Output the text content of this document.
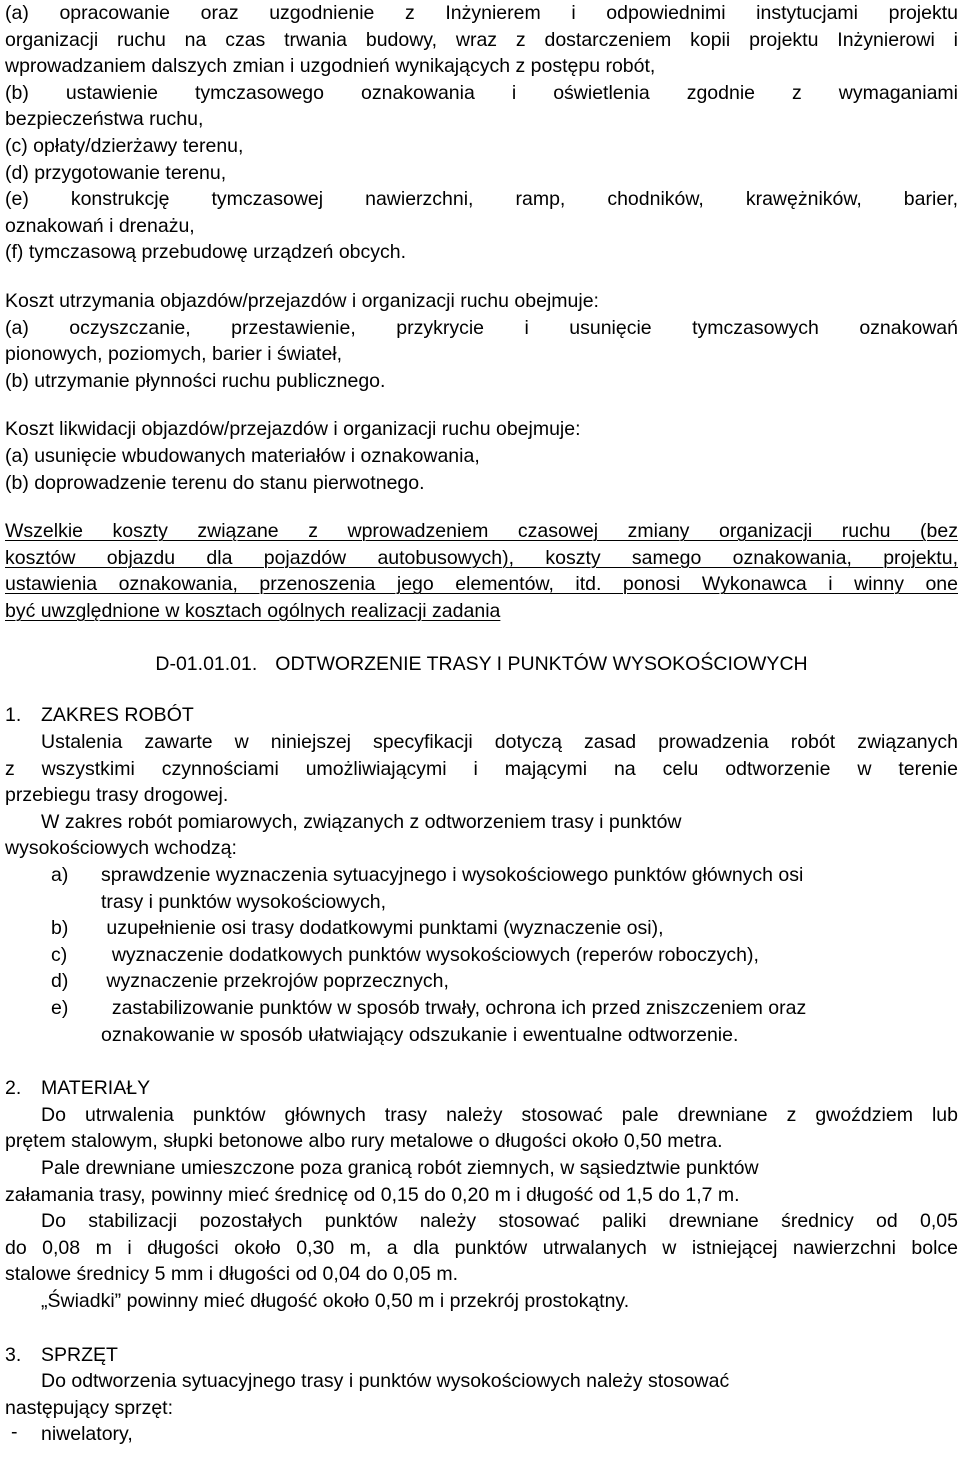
(a) opracowanie oraz uzgodnienie z Inżynierem i odpowiednimi instytucjami projektu

organizacji ruchu na czas trwania budowy, wraz z dostarczeniem kopii projektu Inżynierowi i

wprowadzaniem dalszych zmian i uzgodnień wynikających z postępu robót,

(b) ustawienie tymczasowego oznakowania i oświetlenia zgodnie z wymaganiami

bezpieczeństwa ruchu,

(c) opłaty/dzierżawy terenu,

(d) przygotowanie terenu,

(e) konstrukcję tymczasowej nawierzchni, ramp, chodników, krawężników, barier,

oznakowań i drenażu,

(f) tymczasową przebudowę urządzeń obcych.

Koszt utrzymania objazdów/przejazdów i organizacji ruchu obejmuje:

(a) oczyszczanie, przestawienie, przykrycie i usunięcie tymczasowych oznakowań

pionowych, poziomych, barier i świateł,

(b) utrzymanie płynności ruchu publicznego.

Koszt likwidacji objazdów/przejazdów i organizacji ruchu obejmuje:

(a) usunięcie wbudowanych materiałów i oznakowania,

(b) doprowadzenie terenu do stanu pierwotnego.

Wszelkie koszty związane z wprowadzeniem czasowej zmiany organizacji ruchu (bez

kosztów objazdu dla pojazdów autobusowych), koszty samego oznakowania, projektu,

ustawienia oznakowania, przenoszenia jego elementów, itd. ponosi Wykonawca i winny one

być uwzględnione w kosztach ogólnych realizacji zadania

D-01.01.01. ODTWORZENIE TRASY I PUNKTÓW WYSOKOŚCIOWYCH

1. ZAKRES ROBÓT

Ustalenia zawarte w niniejszej specyfikacji dotyczą zasad prowadzenia robót związanych

z wszystkimi czynnościami umożliwiającymi i mającymi na celu odtworzenie w terenie

przebiegu trasy drogowej.

W zakres robót pomiarowych, związanych z odtworzeniem trasy i punktów

wysokościowych wchodzą:

a)	sprawdzenie wyznaczenia sytuacyjnego i wysokościowego punktów głównych osi
trasy i punktów wysokościowych,
b)	uzupełnienie osi trasy dodatkowymi punktami (wyznaczenie osi),
c)	wyznaczenie dodatkowych punktów wysokościowych (reperów roboczych),
d)	wyznaczenie przekrojów poprzecznych,
e)	zastabilizowanie punktów w sposób trwały, ochrona ich przed zniszczeniem oraz
oznakowanie w sposób ułatwiający odszukanie i ewentualne odtworzenie.

2. MATERIAŁY

Do utrwalenia punktów głównych trasy należy stosować pale drewniane z gwoździem lub

prętem stalowym, słupki betonowe albo rury metalowe o długości około 0,50 metra.

Pale drewniane umieszczone poza granicą robót ziemnych, w sąsiedztwie punktów

załamania trasy, powinny mieć średnicę od 0,15 do 0,20 m i długość od 1,5 do 1,7 m.

Do stabilizacji pozostałych punktów należy stosować paliki drewniane średnicy od 0,05

do 0,08 m i długości około 0,30 m, a dla punktów utrwalanych w istniejącej nawierzchni bolce

stalowe średnicy 5 mm i długości od 0,04 do 0,05 m.

„Świadki” powinny mieć długość około 0,50 m i przekrój prostokątny.

3. SPRZĘT

Do odtworzenia sytuacyjnego trasy i punktów wysokościowych należy stosować

następujący sprzęt:

-	niwelatory,
